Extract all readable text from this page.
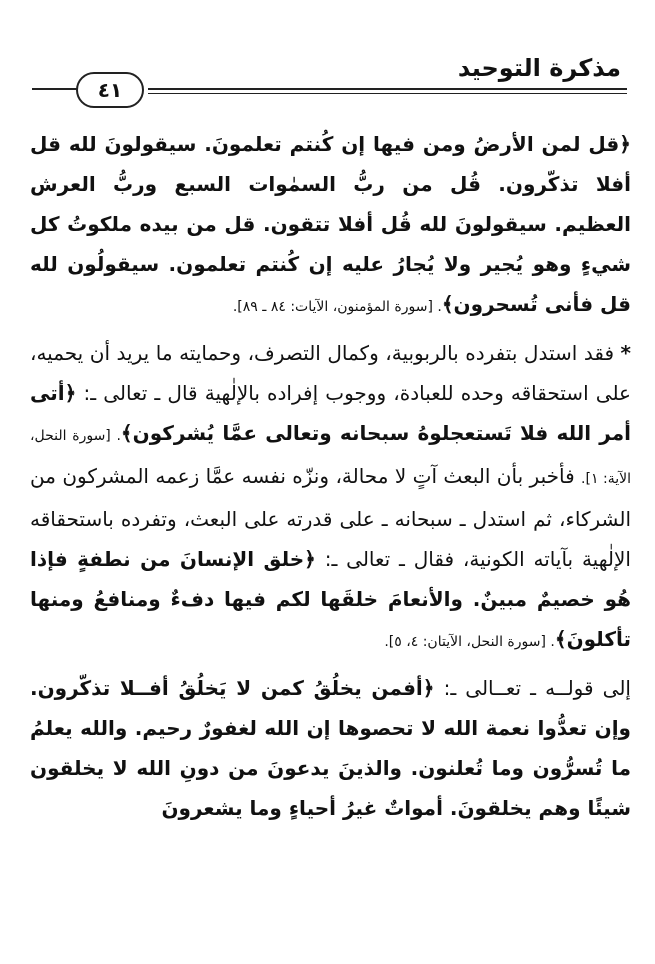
٤١
مذكرة التوحيد

﴿قل لمن الأرضُ ومن فيها إن كُنتم تعلمونَ. سيقولونَ لله قل أفلا تذكّرون. قُل من ربُّ السمٰوات السبع وربُّ العرش العظيم. سيقولونَ لله قُل أفلا تتقون. قل من بيده ملكوتُ كل شيءٍ وهو يُجير ولا يُجارُ عليه إن كُنتم تعلمون. سيقولُون لله قل فأنى تُسحرون﴾. [سورة المؤمنون، الآيات: ٨٤ ـ ٨٩].

* فقد استدل بتفرده بالربوبية، وكمال التصرف، وحمايته ما يريد أن يحميه، على استحقاقه وحده للعبادة، ووجوب إفراده بالإلٰهية قال ـ تعالى ـ: ﴿أتى أمر الله فلا تَستعجلوهُ سبحانه وتعالى عمَّا يُشركون﴾. [سورة النحل، الآية: ١]. فأخبر بأن البعث آتٍ لا محالة، ونزّه نفسه عمَّا زعمه المشركون من الشركاء، ثم استدل ـ سبحانه ـ على قدرته على البعث، وتفرده باستحقاقه الإلٰهية بآياته الكونية، فقال ـ تعالى ـ: ﴿خلق الإنسانَ من نطفةٍ فإذا هُو خصيمٌ مبينٌ. والأنعامَ خلقَها لكم فيها دفءٌ ومنافعُ ومنها تأكلونَ﴾. [سورة النحل، الآيتان: ٤، ٥].

إلى قولــه ـ تعــالى ـ: ﴿أفمن يخلُقُ كمن لا يَخلُقُ أفــلا تذكّرون. وإن تعدُّوا نعمة الله لا تحصوها إن الله لغفورٌ رحيم. والله يعلمُ ما تُسرُّون وما تُعلنون. والذينَ يدعونَ من دونِ الله لا يخلقون شيئًا وهم يخلقونَ. أمواتٌ غيرُ أحياءٍ وما يشعرونَ
